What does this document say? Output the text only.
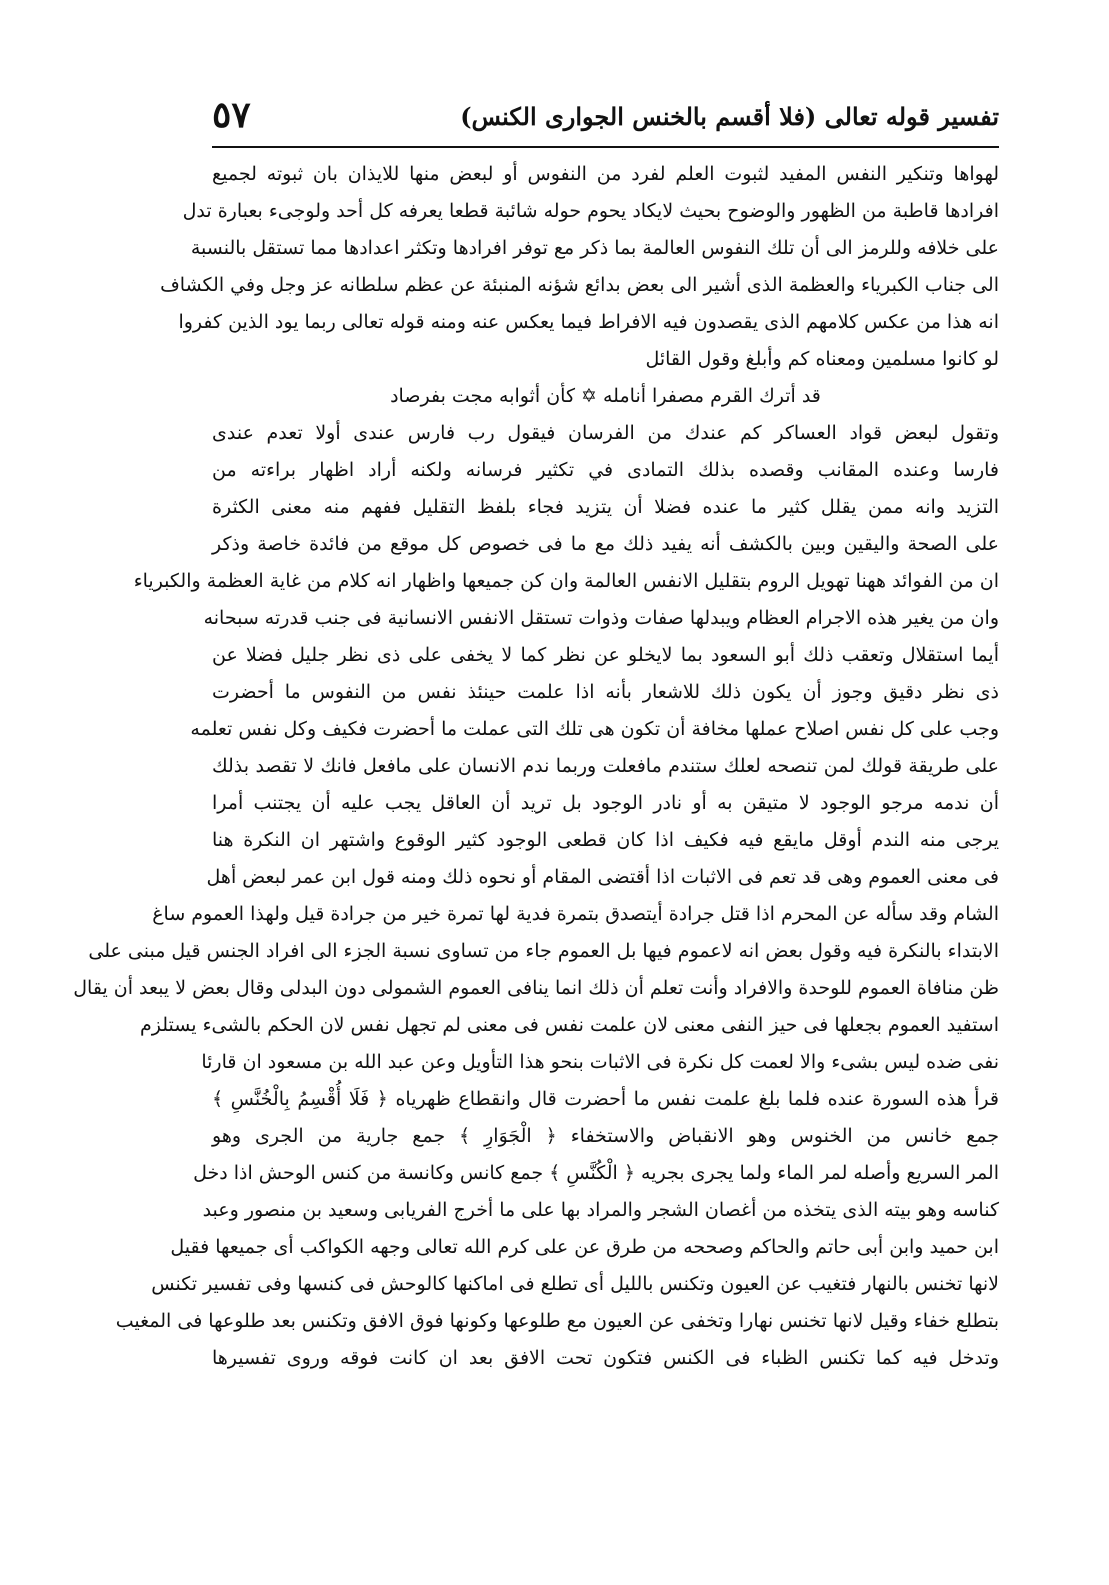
تفسير قوله تعالى (فلا أقسم بالخنس الجوارى الكنس)
٥٧
لهواها وتنكير النفس المفيد لثبوت العلم لفرد من النفوس أو لبعض منها للايذان بان ثبوته لجميع
افرادها قاطبة من الظهور والوضوح بحيث لايكاد يحوم حوله شائبة قطعا يعرفه كل أحد ولوجىء بعبارة تدل
على خلافه وللرمز الى أن تلك النفوس العالمة بما ذكر مع توفر افرادها وتكثر اعدادها مما تستقل بالنسبة
الى جناب الكبرياء والعظمة الذى أشير الى بعض بدائع شؤنه المنبئة عن عظم سلطانه عز وجل وفي الكشاف
انه هذا من عكس كلامهم الذى يقصدون فيه الافراط فيما يعكس عنه ومنه قوله تعالى ربما يود الذين كفروا
لو كانوا مسلمين ومعناه كم وأبلغ وقول القائل
قد أترك القرم مصفرا أنامله ✡ كأن أثوابه مجت بفرصاد
وتقول لبعض قواد العساكر كم عندك من الفرسان فيقول رب فارس عندى أولا تعدم عندى
فارسا وعنده المقانب وقصده بذلك التمادى في تكثير فرسانه ولكنه أراد اظهار براءته من
التزيد وانه ممن يقلل كثير ما عنده فضلا أن يتزيد فجاء بلفظ التقليل ففهم منه معنى الكثرة
على الصحة واليقين وبين بالكشف أنه يفيد ذلك مع ما فى خصوص كل موقع من فائدة خاصة وذكر
ان من الفوائد ههنا تهويل الروم بتقليل الانفس العالمة وان كن جميعها واظهار انه كلام من غاية العظمة والكبرياء
وان من يغير هذه الاجرام العظام ويبدلها صفات وذوات تستقل الانفس الانسانية فى جنب قدرته سبحانه
أيما استقلال وتعقب ذلك أبو السعود بما لايخلو عن نظر كما لا يخفى على ذى نظر جليل فضلا عن
ذى نظر دقيق وجوز أن يكون ذلك للاشعار بأنه اذا علمت حينئذ نفس من النفوس ما أحضرت
وجب على كل نفس اصلاح عملها مخافة أن تكون هى تلك التى عملت ما أحضرت فكيف وكل نفس تعلمه
على طريقة قولك لمن تنصحه لعلك ستندم مافعلت وربما ندم الانسان على مافعل فانك لا تقصد بذلك
أن ندمه مرجو الوجود لا متيقن به أو نادر الوجود بل تريد أن العاقل يجب عليه أن يجتنب أمرا
يرجى منه الندم أوقل مايقع فيه فكيف اذا كان قطعى الوجود كثير الوقوع واشتهر ان النكرة هنا
فى معنى العموم وهى قد تعم فى الاثبات اذا أقتضى المقام أو نحوه ذلك ومنه قول ابن عمر لبعض أهل
الشام وقد سأله عن المحرم اذا قتل جرادة أيتصدق بتمرة فدية لها تمرة خير من جرادة قيل ولهذا العموم ساغ
الابتداء بالنكرة فيه وقول بعض انه لاعموم فيها بل العموم جاء من تساوى نسبة الجزء الى افراد الجنس قيل مبنى على
ظن منافاة العموم للوحدة والافراد وأنت تعلم أن ذلك انما ينافى العموم الشمولى دون البدلى وقال بعض لا يبعد أن يقال
استفيد العموم بجعلها فى حيز النفى معنى لان علمت نفس فى معنى لم تجهل نفس لان الحكم بالشىء يستلزم
نفى ضده ليس بشىء والا لعمت كل نكرة فى الاثبات بنحو هذا التأويل وعن عبد الله بن مسعود ان قارئا
قرأ هذه السورة عنده فلما بلغ علمت نفس ما أحضرت قال وانقطاع ظهرياه ﴿ فَلَا أُقْسِمُ بِالْخُنَّسِ ﴾
جمع خانس من الخنوس وهو الانقباض والاستخفاء ﴿ الْجَوَارِ ﴾ جمع جارية من الجرى وهو
المر السريع وأصله لمر الماء ولما يجرى بجريه ﴿ الْكُنَّسِ ﴾ جمع كانس وكانسة من كنس الوحش اذا دخل
كناسه وهو بيته الذى يتخذه من أغصان الشجر والمراد بها على ما أخرج الفريابى وسعيد بن منصور وعبد
ابن حميد وابن أبى حاتم والحاكم وصححه من طرق عن على كرم الله تعالى وجهه الكواكب أى جميعها فقيل
لانها تخنس بالنهار فتغيب عن العيون وتكنس بالليل أى تطلع فى اماكنها كالوحش فى كنسها وفى تفسير تكنس
بتطلع خفاء وقيل لانها تخنس نهارا وتخفى عن العيون مع طلوعها وكونها فوق الافق وتكنس بعد طلوعها فى المغيب
وتدخل فيه كما تكنس الظباء فى الكنس فتكون تحت الافق بعد ان كانت فوقه وروى تفسيرها
